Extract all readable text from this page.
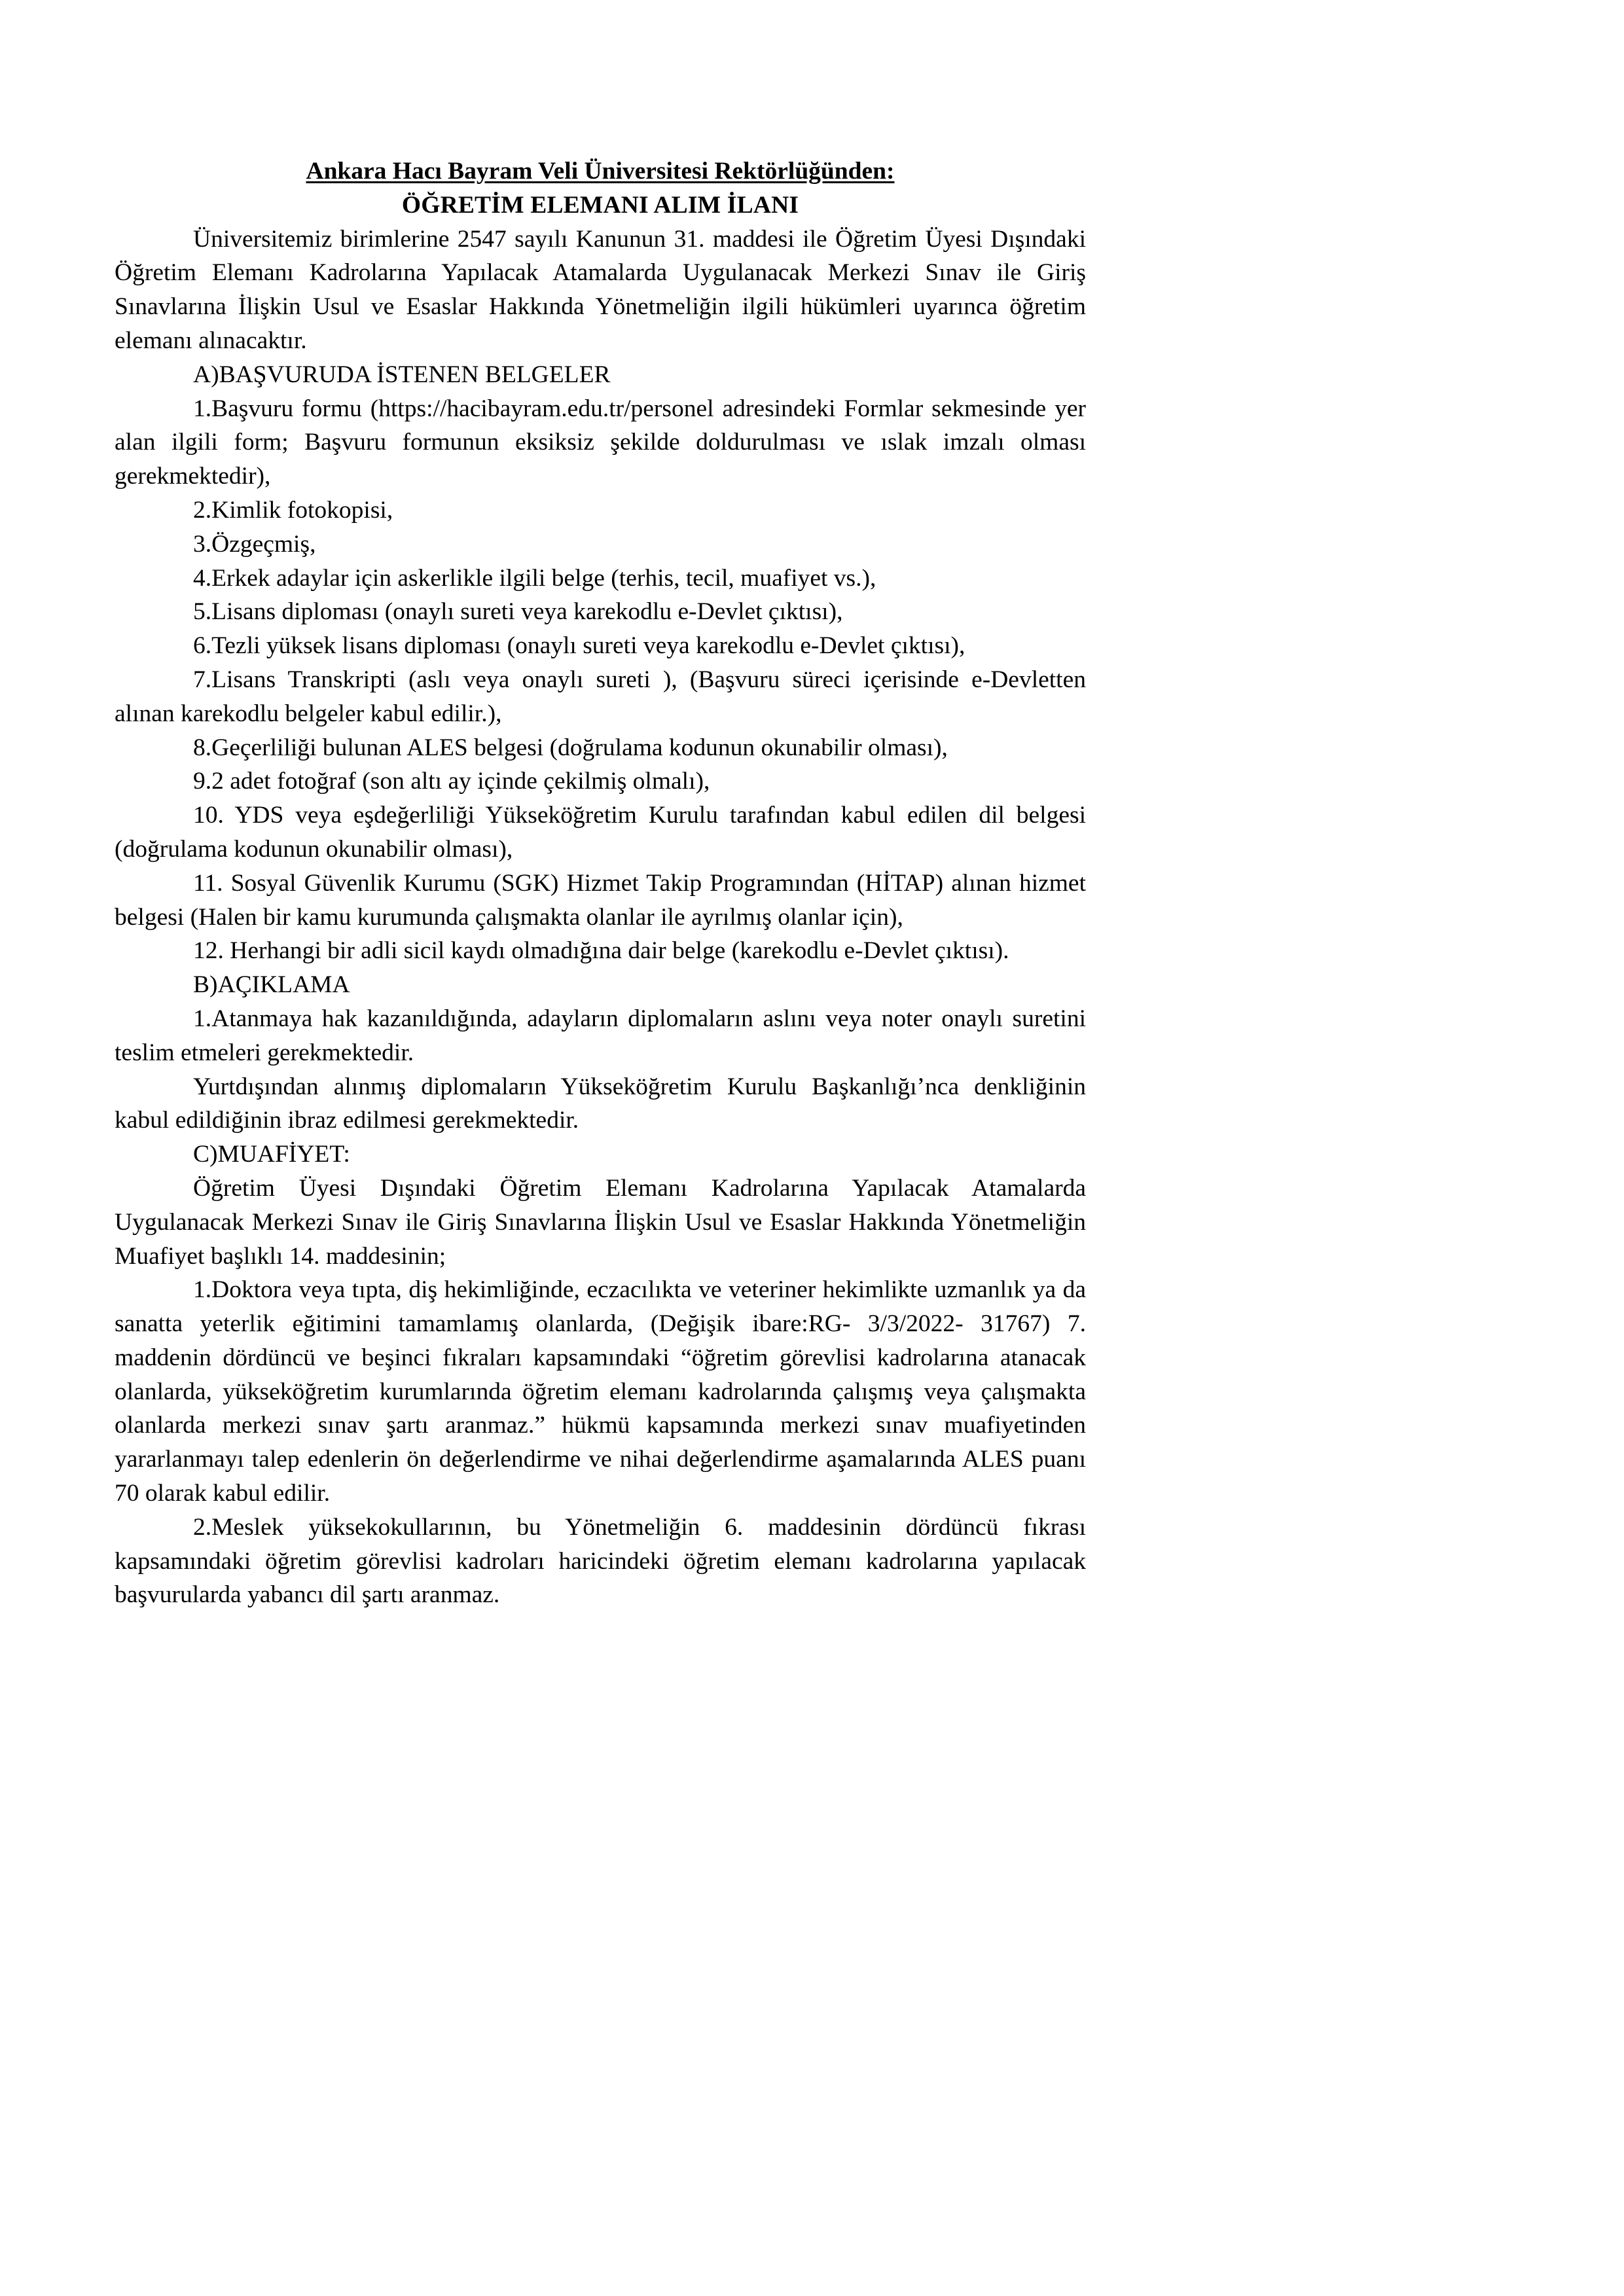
Ankara Hacı Bayram Veli Üniversitesi Rektörlüğünden:
ÖĞRETİM ELEMANI ALIM İLANI

Üniversitemiz birimlerine 2547 sayılı Kanunun 31. maddesi ile Öğretim Üyesi Dışındaki Öğretim Elemanı Kadrolarına Yapılacak Atamalarda Uygulanacak Merkezi Sınav ile Giriş Sınavlarına İlişkin Usul ve Esaslar Hakkında Yönetmeliğin ilgili hükümleri uyarınca öğretim elemanı alınacaktır.

A)BAŞVURUDA İSTENEN BELGELER

1.Başvuru formu (https://hacibayram.edu.tr/personel adresindeki Formlar sekmesinde yer alan ilgili form; Başvuru formunun eksiksiz şekilde doldurulması ve ıslak imzalı olması gerekmektedir),

2.Kimlik fotokopisi,

3.Özgeçmiş,

4.Erkek adaylar için askerlikle ilgili belge (terhis, tecil, muafiyet vs.),

5.Lisans diploması (onaylı sureti veya karekodlu e-Devlet çıktısı),

6.Tezli yüksek lisans diploması (onaylı sureti veya karekodlu e-Devlet çıktısı),

7.Lisans Transkripti (aslı veya onaylı sureti ), (Başvuru süreci içerisinde e-Devletten alınan karekodlu belgeler kabul edilir.),

8.Geçerliliği bulunan ALES belgesi (doğrulama kodunun okunabilir olması),

9.2 adet fotoğraf (son altı ay içinde çekilmiş olmalı),

10. YDS veya eşdeğerliliği Yükseköğretim Kurulu tarafından kabul edilen dil belgesi (doğrulama kodunun okunabilir olması),

11. Sosyal Güvenlik Kurumu (SGK) Hizmet Takip Programından (HİTAP) alınan hizmet belgesi (Halen bir kamu kurumunda çalışmakta olanlar ile ayrılmış olanlar için),

12. Herhangi bir adli sicil kaydı olmadığına dair belge (karekodlu e-Devlet çıktısı).

B)AÇIKLAMA

1.Atanmaya hak kazanıldığında, adayların diplomaların aslını veya noter onaylı suretini teslim etmeleri gerekmektedir.

Yurtdışından alınmış diplomaların Yükseköğretim Kurulu Başkanlığı’nca denkliğinin kabul edildiğinin ibraz edilmesi gerekmektedir.

C)MUAFİYET:

Öğretim Üyesi Dışındaki Öğretim Elemanı Kadrolarına Yapılacak Atamalarda Uygulanacak Merkezi Sınav ile Giriş Sınavlarına İlişkin Usul ve Esaslar Hakkında Yönetmeliğin Muafiyet başlıklı 14. maddesinin;

1.Doktora veya tıpta, diş hekimliğinde, eczacılıkta ve veteriner hekimlikte uzmanlık ya da sanatta yeterlik eğitimini tamamlamış olanlarda, (Değişik ibare:RG- 3/3/2022- 31767) 7. maddenin dördüncü ve beşinci fıkraları kapsamındaki “öğretim görevlisi kadrolarına atanacak olanlarda, yükseköğretim kurumlarında öğretim elemanı kadrolarında çalışmış veya çalışmakta olanlarda merkezi sınav şartı aranmaz.” hükmü kapsamında merkezi sınav muafiyetinden yararlanmayı talep edenlerin ön değerlendirme ve nihai değerlendirme aşamalarında ALES puanı 70 olarak kabul edilir.

2.Meslek yüksekokullarının, bu Yönetmeliğin 6. maddesinin dördüncü fıkrası kapsamındaki öğretim görevlisi kadroları haricindeki öğretim elemanı kadrolarına yapılacak başvurularda yabancı dil şartı aranmaz.
